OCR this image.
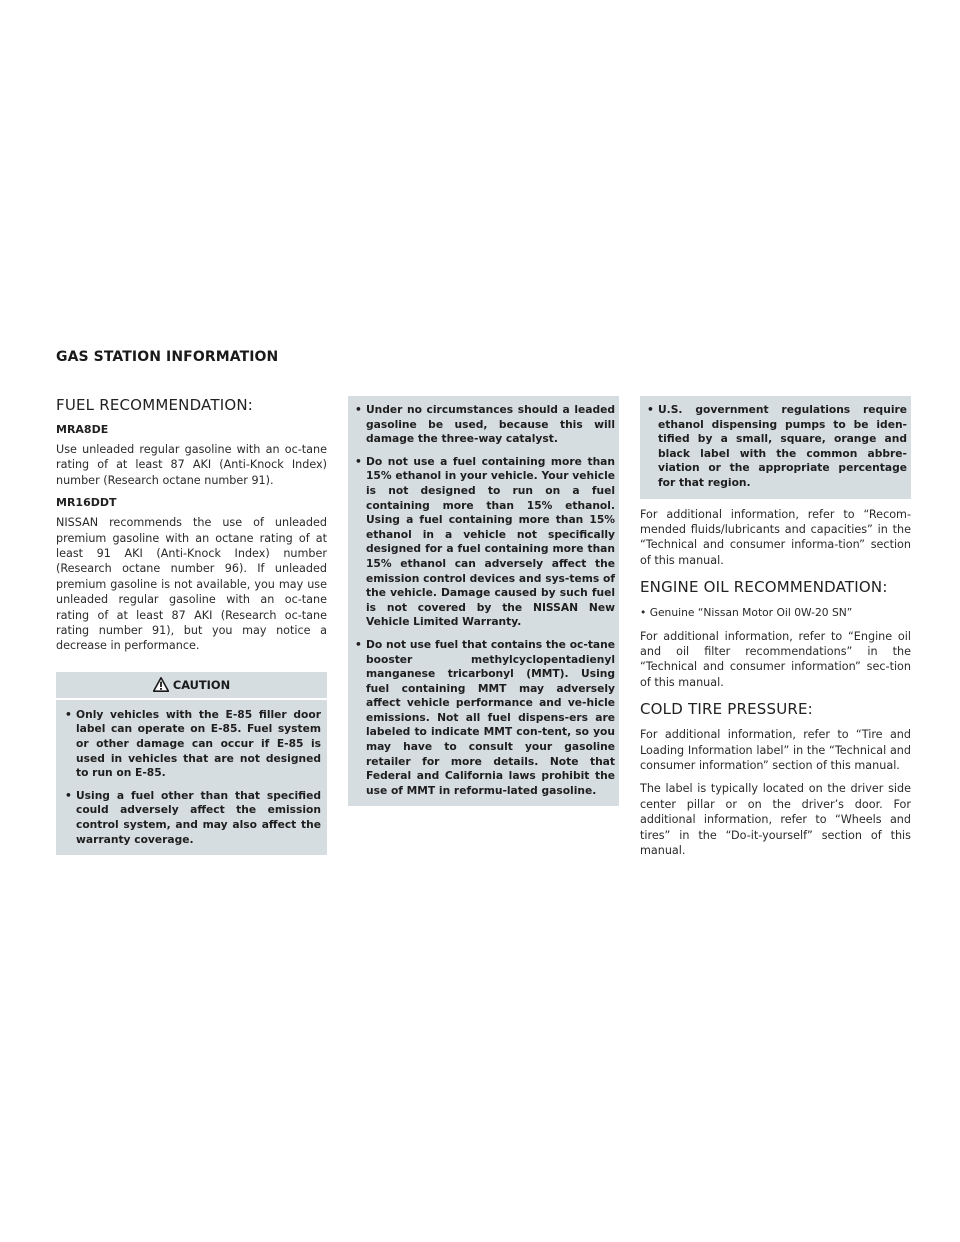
GAS STATION INFORMATION
FUEL RECOMMENDATION:
MRA8DE

Use unleaded regular gasoline with an oc-tane rating of at least 87 AKI (Anti-Knock Index) number (Research octane number 91).

MR16DDT

NISSAN recommends the use of unleaded premium gasoline with an octane rating of at least 91 AKI (Anti-Knock Index) number (Research octane number 96). If unleaded premium gasoline is not available, you may use unleaded regular gasoline with an oc-tane rating of at least 87 AKI (Research oc-tane rating number 91), but you may notice a decrease in performance.

CAUTION
• Only vehicles with the E-85 filler door label can operate on E-85. Fuel system or other damage can occur if E-85 is used in vehicles that are not designed to run on E-85.
• Using a fuel other than that specified could adversely affect the emission control system, and may also affect the warranty coverage.
• Under no circumstances should a leaded gasoline be used, because this will damage the three-way catalyst.
• Do not use a fuel containing more than 15% ethanol in your vehicle. Your vehicle is not designed to run on a fuel containing more than 15% ethanol. Using a fuel containing more than 15% ethanol in a vehicle not specifically designed for a fuel containing more than 15% ethanol can adversely affect the emission control devices and sys-tems of the vehicle. Damage caused by such fuel is not covered by the NISSAN New Vehicle Limited Warranty.
• Do not use fuel that contains the oc-tane booster methylcyclopentadienyl manganese tricarbonyl (MMT). Using fuel containing MMT may adversely affect vehicle performance and ve-hicle emissions. Not all fuel dispens-ers are labeled to indicate MMT con-tent, so you may have to consult your gasoline retailer for more details. Note that Federal and California laws prohibit the use of MMT in reformu-lated gasoline.
• U.S. government regulations require ethanol dispensing pumps to be iden-tified by a small, square, orange and black label with the common abbre-viation or the appropriate percentage for that region.

For additional information, refer to “Recom-mended fluids/lubricants and capacities” in the “Technical and consumer informa-tion” section of this manual.

ENGINE OIL RECOMMENDATION:
• Genuine “Nissan Motor Oil 0W-20 SN”

For additional information, refer to “Engine oil and oil filter recommendations” in the “Technical and consumer information” sec-tion of this manual.

COLD TIRE PRESSURE:

For additional information, refer to “Tire and Loading Information label” in the “Technical and consumer information” section of this manual.

The label is typically located on the driver side center pillar or on the driver’s door. For additional information, refer to “Wheels and tires” in the “Do-it-yourself” section of this manual.
